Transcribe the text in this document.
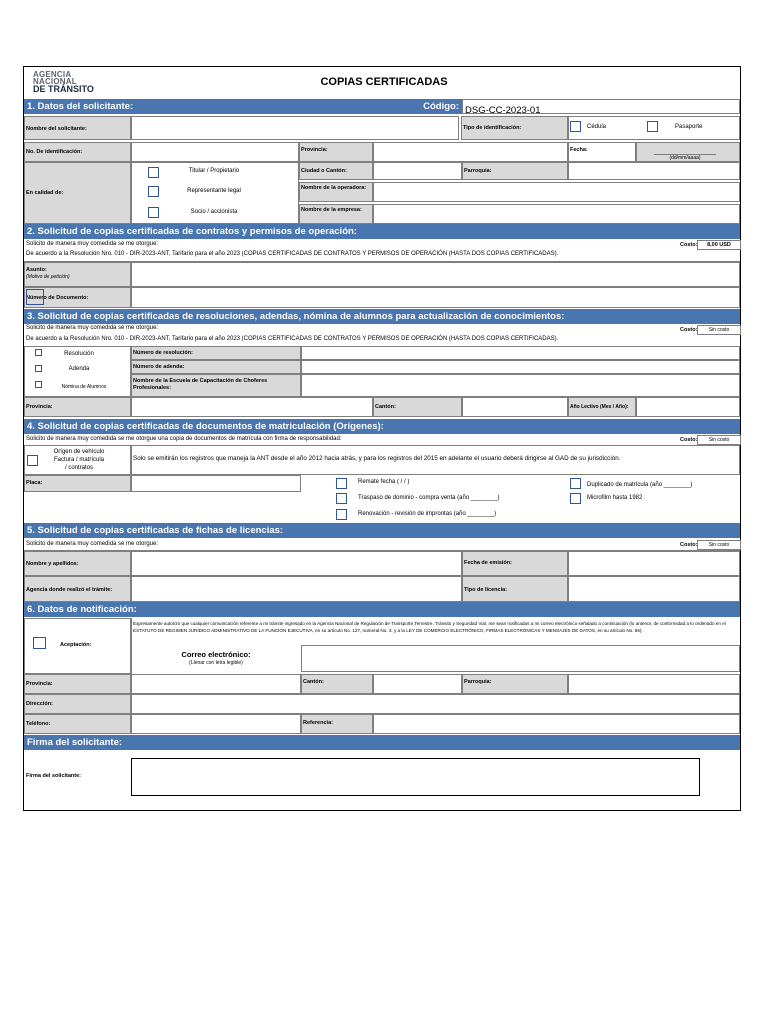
AGENCIA
NACIONAL
DE TRÁNSITO
COPIAS CERTIFICADAS
1. Datos del solicitante:	Código: DSG-CC-2023-01
Nombre del solicitante:	Tipo de identificación:	Cédula	Pasaporte
No. De identificación:	Provincia:	Fecha:
(dd/mm/aaaa)
En calidad de:
Titular / Propietario
Representante legal
Socio / accionista
Ciudad o Cantón:	Parroquia:
Nombre de la operadora:
Nombre de la empresa:
2. Solicitud de copias certificadas de contratos y permisos de operación:
Solicito de manera muy comedida se me otorgue:	Costo:	8,00 USD
De acuerdo a la Resolución Nro. 010 - DIR-2023-ANT, Tarifario para el año 2023 (COPIAS CERTIFICADAS DE CONTRATOS Y PERMISOS DE OPERACIÓN (HASTA DOS COPIAS CERTIFICADAS).
Asunto:
(Motivo de petición)
Número de Documento:
3. Solicitud de copias certificadas de resoluciones, adendas, nómina de alumnos para actualización de conocimientos:
Solicito de manera muy comedida se me otorgue:	Costo:	Sin costo
De acuerdo a la Resolución Nro. 010 - DIR-2023-ANT, Tarifario para el año 2023 (COPIAS CERTIFICADAS DE CONTRATOS Y PERMISOS DE OPERACIÓN (HASTA DOS COPIAS CERTIFICADAS).
Resolución
Adenda
Nómina de Alumnos
Número de resolución:
Número de adenda:
Nombre de la Escuela de Capacitación de Choferes Profesionales:
Provincia:	Cantón:	Año Lectivo (Mes / Año):
4. Solicitud de copias certificadas de documentos de matriculación (Orígenes):
Solicito de manera muy comedida se me otorgue una copia de documentos de matrícula con firma de responsabilidad:	Costo:	Sin costo
Orígen de vehículo
Factura / matrícula
/ contratos
Solo se emitirán los registros que maneja la ANT desde el año 2012 hacia atrás, y para los registros del 2015 en adelante el usuario deberá dirigirse al GAD de su jurisdicción.
Placa:	Remate fecha ( / / )
Traspaso de dominio - compra venta (año ________)
Renovación - revisión de improntas (año ________)
Duplicado de matrícula (año ________)
Microfilm hasta 1982
5. Solicitud de copias certificadas de fichas de licencias:
Solicito de manera muy comedida se me otorgue:	Costo:	Sin costo
Nombre y apellidos:	Fecha de emisión:
Agencia donde realizó el trámite:	Tipo de licencia:
6. Datos de notificación:
Aceptación:
Expresamente autorizo que cualquier comunicación referente a mi trámite ingresado en la Agencia Nacional de Regulación de Transporte Terrestre, Tránsito y Seguridad Vial, me sean notificadas a mi correo electrónico señalado a continuación (lo anterior, de conformidad a lo ordenado en el ESTATUTO DE REGIMEN JURÍDICO ADMINISTRATIVO DE LA FUNCIÓN EJECUTIVA, en su artículo No. 127, numeral No. 3, y a la LEY DE COMERCIO ELECTRÓNICO, FIRMAS ELECTRÓNICAS Y MENSAJES DE DATOS, en su artículo No. 56):
Correo electrónico:
(Llenar con letra legible)
Provincia:	Cantón:	Parroquia:
Dirección:
Teléfono:	Referencia:
Firma del solicitante:
Firma del solicitante:
